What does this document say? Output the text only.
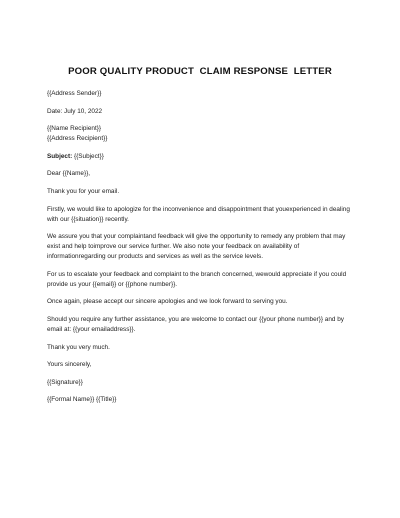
POOR QUALITY PRODUCT  CLAIM RESPONSE  LETTER

{{Address Sender}}

Date: July 10, 2022

{{Name Recipient}}

{{Address Recipient}}

Subject: {{Subject}}

Dear {{Name}},

Thank you for your email.

Firstly, we would like to apologize for the inconvenience and disappointment that youexperienced in dealing with our {{situation}} recently.

We assure you that your complaintand feedback will give the opportunity to remedy any problem that may exist and help toimprove our service further. We also note your feedback on availability of informationregarding our products and services as well as the service levels.

For us to escalate your feedback and complaint to the branch concerned, wewould appreciate if you could provide us your {{email}} or {{phone number}}.

Once again, please accept our sincere apologies and we look forward to serving you.

Should you require any further assistance, you are welcome to contact our {{your phone number}} and by email at: {{your emailaddress}}.

Thank you very much.

Yours sincerely,

{{Signature}}

{{Formal Name}} {{Title}}
